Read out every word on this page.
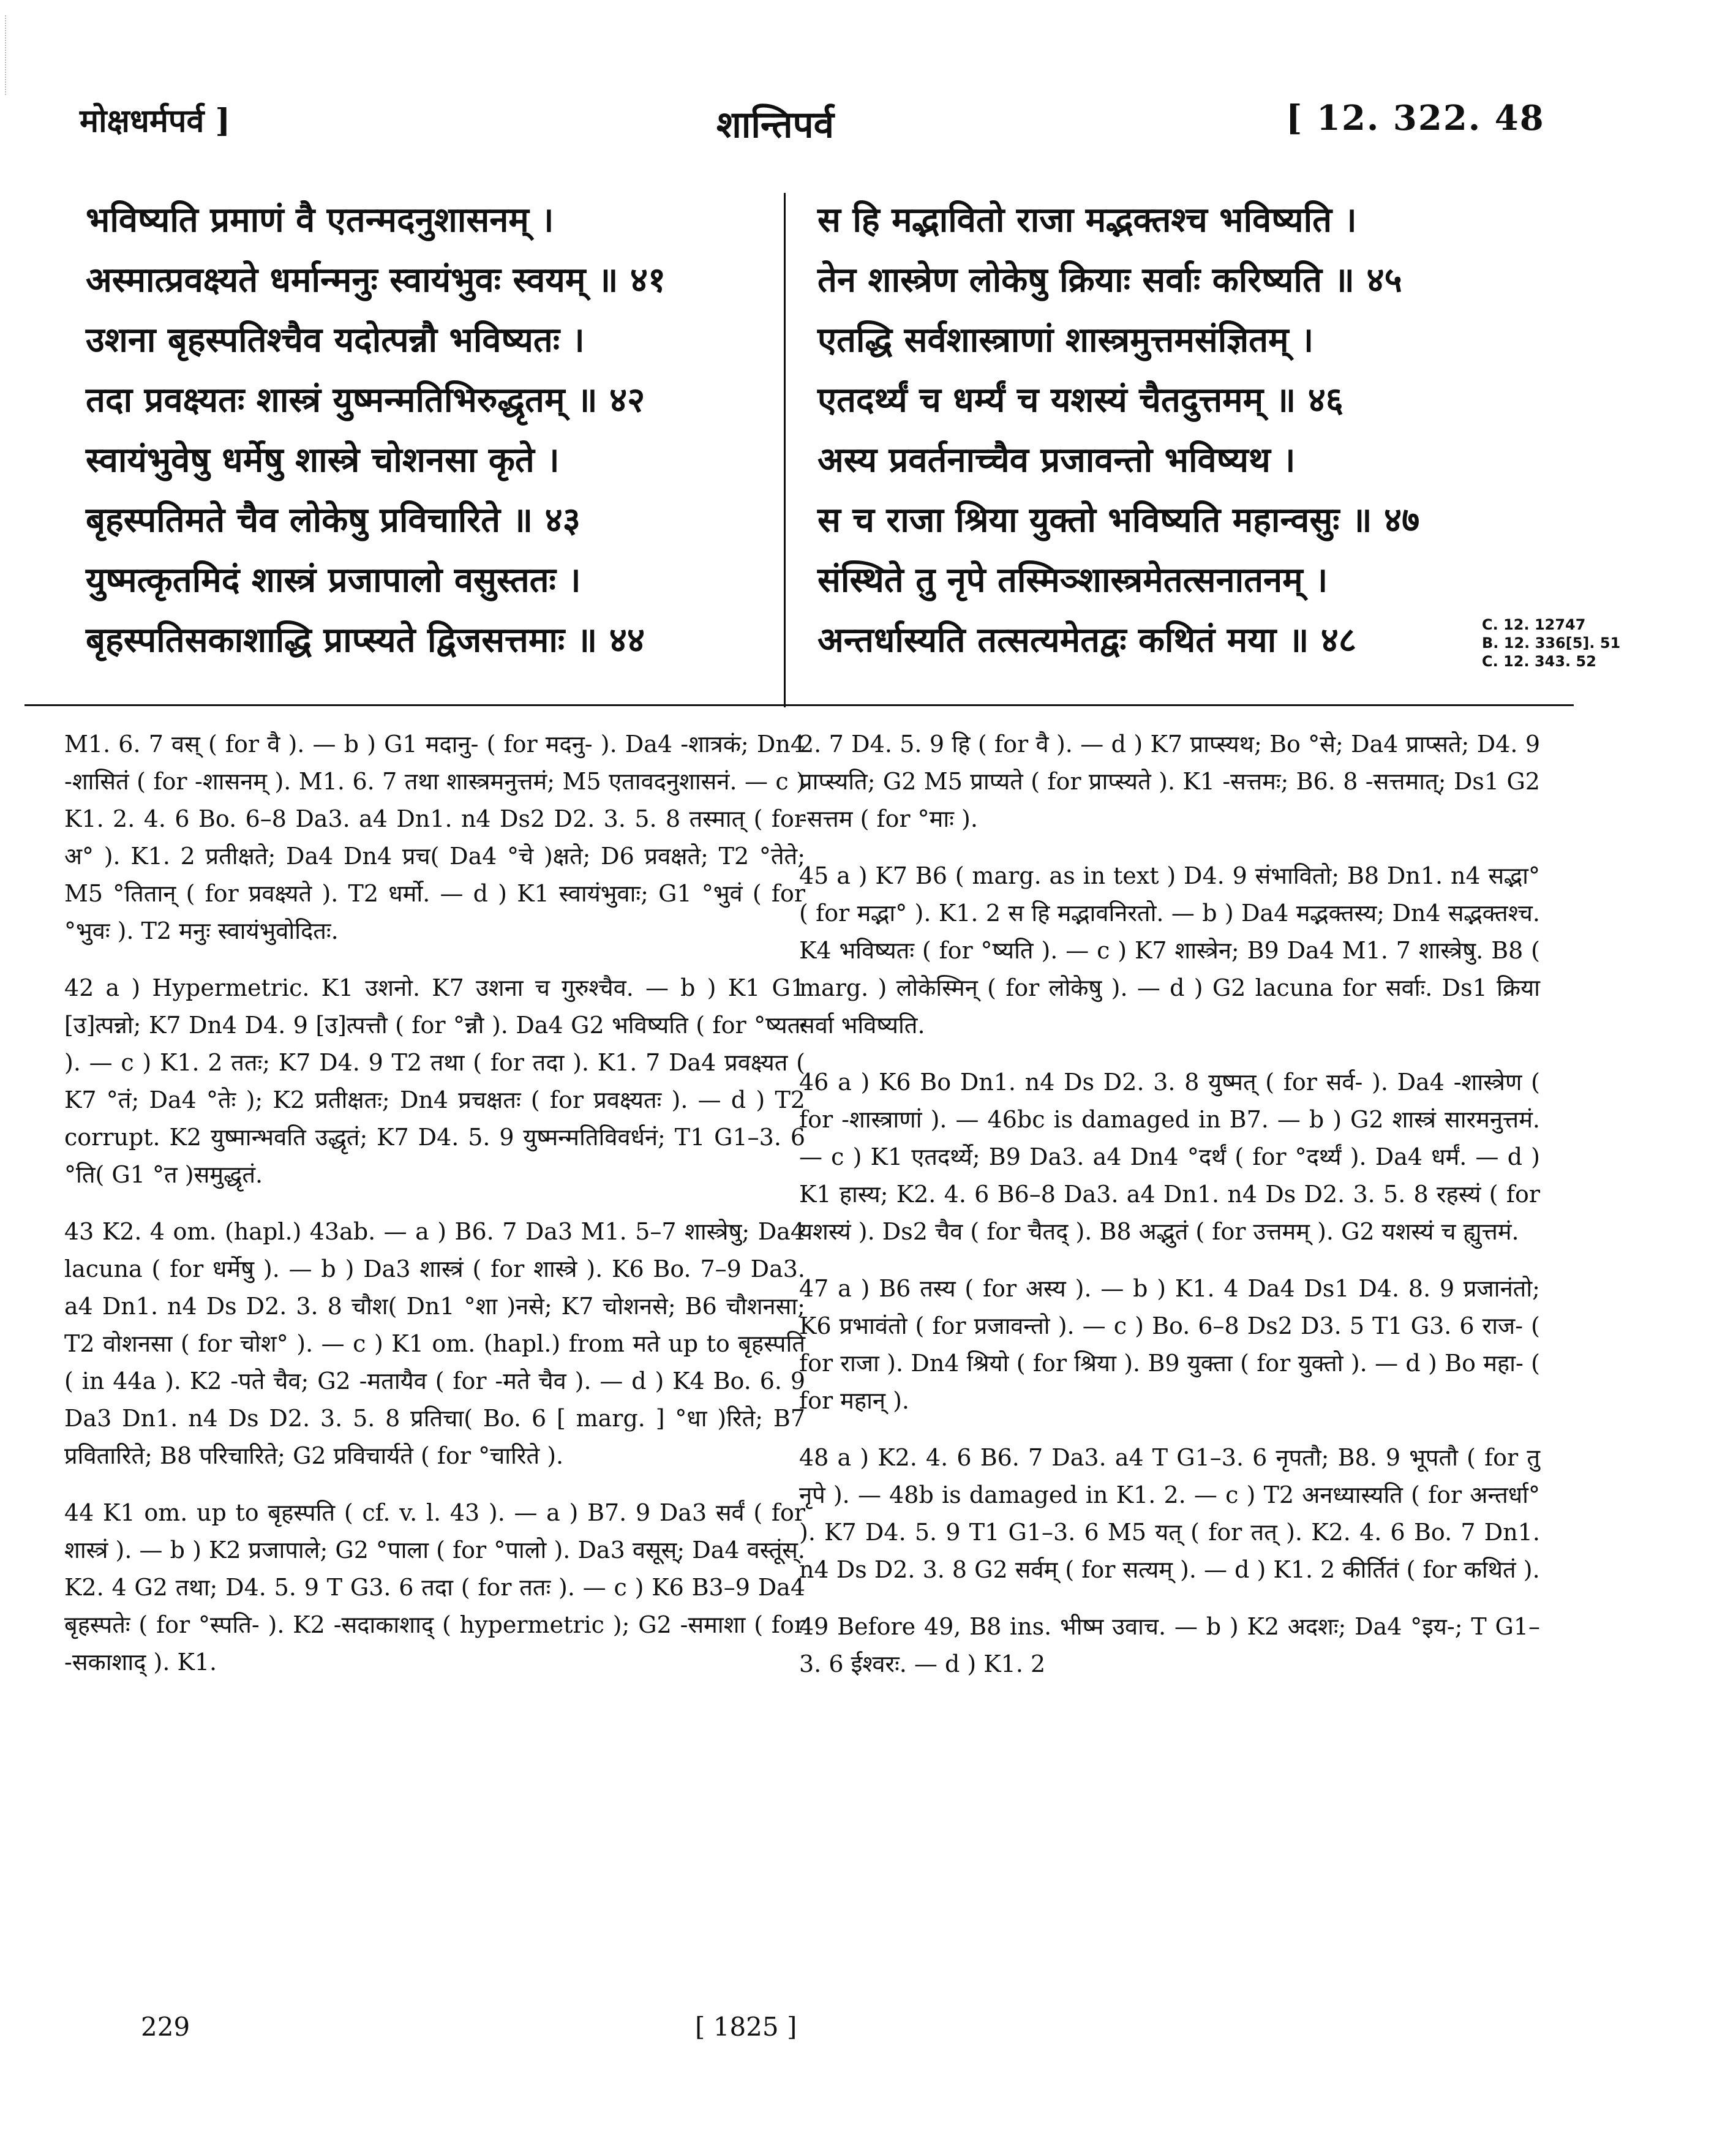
मोक्षधर्मपर्व ]	शान्तिपर्व	[ 12. 322. 48
भविष्यति प्रमाणं वै एतन्मदनुशासनम् ।
अस्मात्प्रवक्ष्यते धर्मान्मनुः स्वायंभुवः स्वयम् ॥ ४१
उशना बृहस्पतिश्चैव यदोत्पन्नौ भविष्यतः ।
तदा प्रवक्ष्यतः शास्त्रं युष्मन्मतिभिरुद्धृतम् ॥ ४२
स्वायंभुवेषु धर्मेषु शास्त्रे चोशनसा कृते ।
बृहस्पतिमते चैव लोकेषु प्रविचारिते ॥ ४३
युष्मत्कृतमिदं शास्त्रं प्रजापालो वसुस्ततः ।
बृहस्पतिसकाशाद्धि प्राप्स्यते द्विजसत्तमाः ॥ ४४
स हि मद्भावितो राजा मद्भक्तश्च भविष्यति ।
तेन शास्त्रेण लोकेषु क्रियाः सर्वाः करिष्यति ॥ ४५
एतद्धि सर्वशास्त्राणां शास्त्रमुत्तमसंज्ञितम् ।
एतदर्थ्यं च धर्म्यं च यशस्यं चैतदुत्तमम् ॥ ४६
अस्य प्रवर्तनाच्चैव प्रजावन्तो भविष्यथ ।
स च राजा श्रिया युक्तो भविष्यति महान्वसुः ॥ ४७
संस्थिते तु नृपे तस्मिञ्शास्त्रमेतत्सनातनम् ।
अन्तर्धास्यति तत्सत्यमेतद्वः कथितं मया ॥ ४८	C. 12. 12747
B. 12. 336[5]. 51
C. 12. 343. 52

M1. 6. 7 वस् ( for वै ). — b ) G1 मदानु- ( for मदनु- ). Da4 -शात्रकं; Dn4 -शासितं ( for -शासनम् ). M1. 6. 7 तथा शास्त्रमनुत्तमं; M5 एतावदनुशासनं. — c ) K1. 2. 4. 6 Bo. 6–8 Da3. a4 Dn1. n4 Ds2 D2. 3. 5. 8 तस्मात् ( for अ° ). K1. 2 प्रतीक्षते; Da4 Dn4 प्रच( Da4 °चे )क्षते; D6 प्रवक्षते; T2 °तेते; M5 °तितान् ( for प्रवक्ष्यते ). T2 धर्मो. — d ) K1 स्वायंभुवाः; G1 °भुवं ( for °भुवः ). T2 मनुः स्वायंभुवोदितः.

42 a ) Hypermetric. K1 उशनो. K7 उशना च गुरुश्चैव. — b ) K1 G1 [उ]त्पन्नो; K7 Dn4 D4. 9 [उ]त्पत्तौ ( for °न्नौ ). Da4 G2 भविष्यति ( for °ष्यतः ). — c ) K1. 2 ततः; K7 D4. 9 T2 तथा ( for तदा ). K1. 7 Da4 प्रवक्ष्यत ( K7 °तं; Da4 °तेः ); K2 प्रतीक्षतः; Dn4 प्रचक्षतः ( for प्रवक्ष्यतः ). — d ) T2 corrupt. K2 युष्मान्भवति उद्धृतं; K7 D4. 5. 9 युष्मन्मतिविवर्धनं; T1 G1–3. 6 °ति( G1 °त )समुद्धृतं.

43 K2. 4 om. (hapl.) 43ab. — a ) B6. 7 Da3 M1. 5–7 शास्त्रेषु; Da4 lacuna ( for धर्मेषु ). — b ) Da3 शास्त्रं ( for शास्त्रे ). K6 Bo. 7–9 Da3. a4 Dn1. n4 Ds D2. 3. 8 चौश( Dn1 °शा )नसे; K7 चोशनसे; B6 चौशनसा; T2 वोशनसा ( for चोश° ). — c ) K1 om. (hapl.) from मते up to बृहस्पति ( in 44a ). K2 -पते चैव; G2 -मतायैव ( for -मते चैव ). — d ) K4 Bo. 6. 9 Da3 Dn1. n4 Ds D2. 3. 5. 8 प्रतिचा( Bo. 6 [ marg. ] °धा )रिते; B7 प्रवितारिते; B8 परिचारिते; G2 प्रविचार्यते ( for °चारिते ).

44 K1 om. up to बृहस्पति ( cf. v. l. 43 ). — a ) B7. 9 Da3 सर्वं ( for शास्त्रं ). — b ) K2 प्रजापाले; G2 °पाला ( for °पालो ). Da3 वसूस्; Da4 वस्तूंस्. K2. 4 G2 तथा; D4. 5. 9 T G3. 6 तदा ( for ततः ). — c ) K6 B3–9 Da4 बृहस्पतेः ( for °स्पति- ). K2 -सदाकाशाद् ( hypermetric ); G2 -समाशा ( for -सकाशाद् ). K1.

2. 7 D4. 5. 9 हि ( for वै ). — d ) K7 प्राप्स्यथ; Bo °से; Da4 प्राप्सते; D4. 9 प्राप्स्यति; G2 M5 प्राप्यते ( for प्राप्स्यते ). K1 -सत्तमः; B6. 8 -सत्तमात्; Ds1 G2 -सत्तम ( for °माः ).

45 a ) K7 B6 ( marg. as in text ) D4. 9 संभावितो; B8 Dn1. n4 सद्भा° ( for मद्भा° ). K1. 2 स हि मद्भावनिरतो. — b ) Da4 मद्भक्तस्य; Dn4 सद्भक्तश्च. K4 भविष्यतः ( for °ष्यति ). — c ) K7 शास्त्रेन; B9 Da4 M1. 7 शास्त्रेषु. B8 ( marg. ) लोकेस्मिन् ( for लोकेषु ). — d ) G2 lacuna for सर्वाः. Ds1 क्रिया सर्वा भविष्यति.

46 a ) K6 Bo Dn1. n4 Ds D2. 3. 8 युष्मत् ( for सर्व- ). Da4 -शास्त्रेण ( for -शास्त्राणां ). — 46bc is damaged in B7. — b ) G2 शास्त्रं सारमनुत्तमं. — c ) K1 एतदर्थ्ये; B9 Da3. a4 Dn4 °दर्थं ( for °दर्थ्यं ). Da4 धर्मं. — d ) K1 हास्य; K2. 4. 6 B6–8 Da3. a4 Dn1. n4 Ds D2. 3. 5. 8 रहस्यं ( for यशस्यं ). Ds2 चैव ( for चैतद् ). B8 अद्भुतं ( for उत्तमम् ). G2 यशस्यं च ह्युत्तमं.

47 a ) B6 तस्य ( for अस्य ). — b ) K1. 4 Da4 Ds1 D4. 8. 9 प्रजानंतो; K6 प्रभावंतो ( for प्रजावन्तो ). — c ) Bo. 6–8 Ds2 D3. 5 T1 G3. 6 राज- ( for राजा ). Dn4 श्रियो ( for श्रिया ). B9 युक्ता ( for युक्तो ). — d ) Bo महा- ( for महान् ).

48 a ) K2. 4. 6 B6. 7 Da3. a4 T G1–3. 6 नृपतौ; B8. 9 भूपतौ ( for तु नृपे ). — 48b is damaged in K1. 2. — c ) T2 अनध्यास्यति ( for अन्तर्धा° ). K7 D4. 5. 9 T1 G1–3. 6 M5 यत् ( for तत् ). K2. 4. 6 Bo. 7 Dn1. n4 Ds D2. 3. 8 G2 सर्वम् ( for सत्यम् ). — d ) K1. 2 कीर्तितं ( for कथितं ).

49 Before 49, B8 ins. भीष्म उवाच. — b ) K2 अदशः; Da4 °इय-; T G1–3. 6 ईश्वरः. — d ) K1. 2

229	[ 1825 ]
